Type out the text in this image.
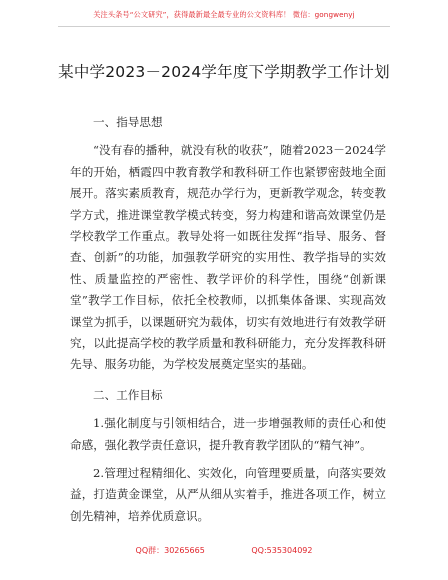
关注头条号“公文研究”，获得最新最全最专业的公文资料库！ 微信：gongwenyj
某中学2023－2024学年度下学期教学工作计划

一、指导思想

“没有春的播种，就没有秋的收获”，随着2023－2024学年的开始，栖霞四中教育教学和教科研工作也紧锣密鼓地全面展开。落实素质教育，规范办学行为，更新教学观念，转变教学方式，推进课堂教学模式转变，努力构建和谐高效课堂仍是学校教学工作重点。教导处将一如既往发挥“指导、服务、督查、创新”的功能，加强教学研究的实用性、教学指导的实效性、质量监控的严密性、教学评价的科学性，围绕“创新课堂”教学工作目标，依托全校教师，以抓集体备课、实现高效课堂为抓手，以课题研究为载体，切实有效地进行有效教学研究，以此提高学校的教学质量和教科研能力，充分发挥教科研先导、服务功能，为学校发展奠定坚实的基础。

二、工作目标

1.强化制度与引领相结合，进一步增强教师的责任心和使命感，强化教学责任意识，提升教育教学团队的“精气神”。

2.管理过程精细化、实效化，向管理要质量，向落实要效益，打造黄金课堂，从严从细从实着手，推进各项工作，树立创先精神，培养优质意识。

QQ群：30265665	QQ:535304092
